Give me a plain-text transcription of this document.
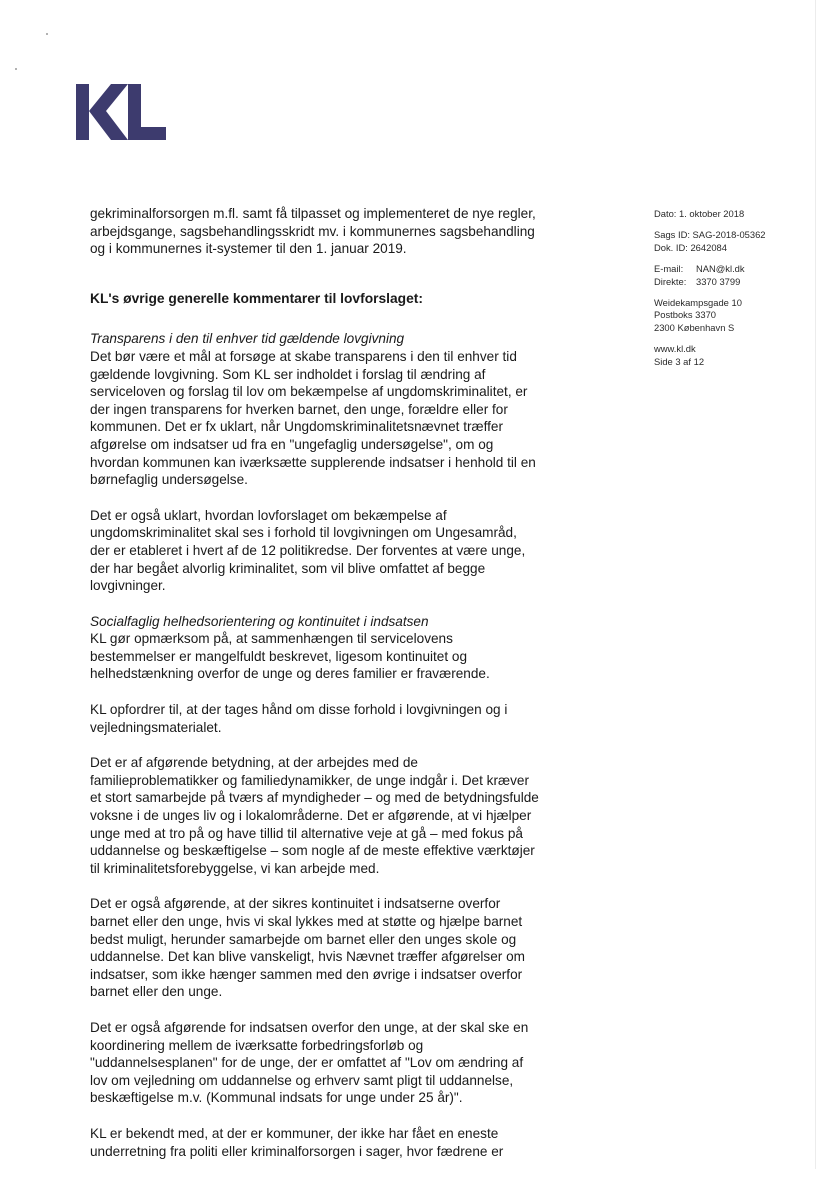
gekriminalforsorgen m.fl. samt få tilpasset og implementeret de nye regler, arbejdsgange, sagsbehandlingsskridt mv. i kommunernes sagsbehandling og i kommunernes it-systemer til den 1. januar 2019.

KL's øvrige generelle kommentarer til lovforslaget:

Transparens i den til enhver tid gældende lovgivning

Det bør være et mål at forsøge at skabe transparens i den til enhver tid gældende lovgivning. Som KL ser indholdet i forslag til ændring af serviceloven og forslag til lov om bekæmpelse af ungdomskriminalitet, er der ingen transparens for hverken barnet, den unge, forældre eller for kommunen. Det er fx uklart, når Ungdomskriminalitetsnævnet træffer afgørelse om indsatser ud fra en "ungefaglig undersøgelse", om og hvordan kommunen kan iværksætte supplerende indsatser i henhold til en børnefaglig undersøgelse.

Det er også uklart, hvordan lovforslaget om bekæmpelse af ungdomskriminalitet skal ses i forhold til lovgivningen om Ungesamråd, der er etableret i hvert af de 12 politikredse. Der forventes at være unge, der har begået alvorlig kriminalitet, som vil blive omfattet af begge lovgivninger.

Socialfaglig helhedsorientering og kontinuitet i indsatsen

KL gør opmærksom på, at sammenhængen til servicelovens bestemmelser er mangelfuldt beskrevet, ligesom kontinuitet og helhedstænkning overfor de unge og deres familier er fraværende.

KL opfordrer til, at der tages hånd om disse forhold i lovgivningen og i vejledningsmaterialet.

Det er af afgørende betydning, at der arbejdes med de familieproblematikker og familiedynamikker, de unge indgår i. Det kræver et stort samarbejde på tværs af myndigheder – og med de betydningsfulde voksne i de unges liv og i lokalområderne. Det er afgørende, at vi hjælper unge med at tro på og have tillid til alternative veje at gå – med fokus på uddannelse og beskæftigelse – som nogle af de meste effektive værktøjer til kriminalitetsforebyggelse, vi kan arbejde med.

Det er også afgørende, at der sikres kontinuitet i indsatserne overfor barnet eller den unge, hvis vi skal lykkes med at støtte og hjælpe barnet bedst muligt, herunder samarbejde om barnet eller den unges skole og uddannelse. Det kan blive vanskeligt, hvis Nævnet træffer afgørelser om indsatser, som ikke hænger sammen med den øvrige i indsatser overfor barnet eller den unge.

Det er også afgørende for indsatsen overfor den unge, at der skal ske en koordinering mellem de iværksatte forbedringsforløb og "uddannelsesplanen" for de unge, der er omfattet af "Lov om ændring af lov om vejledning om uddannelse og erhverv samt pligt til uddannelse, beskæftigelse m.v. (Kommunal indsats for unge under 25 år)".

KL er bekendt med, at der er kommuner, der ikke har fået en eneste underretning fra politi eller kriminalforsorgen i sager, hvor fædrene er

Dato: 1. oktober 2018
Sags ID: SAG-2018-05362
Dok. ID: 2642084
E-mail: NAN@kl.dk
Direkte: 3370 3799
Weidekampsgade 10
Postboks 3370
2300 København S
www.kl.dk
Side 3 af 12
